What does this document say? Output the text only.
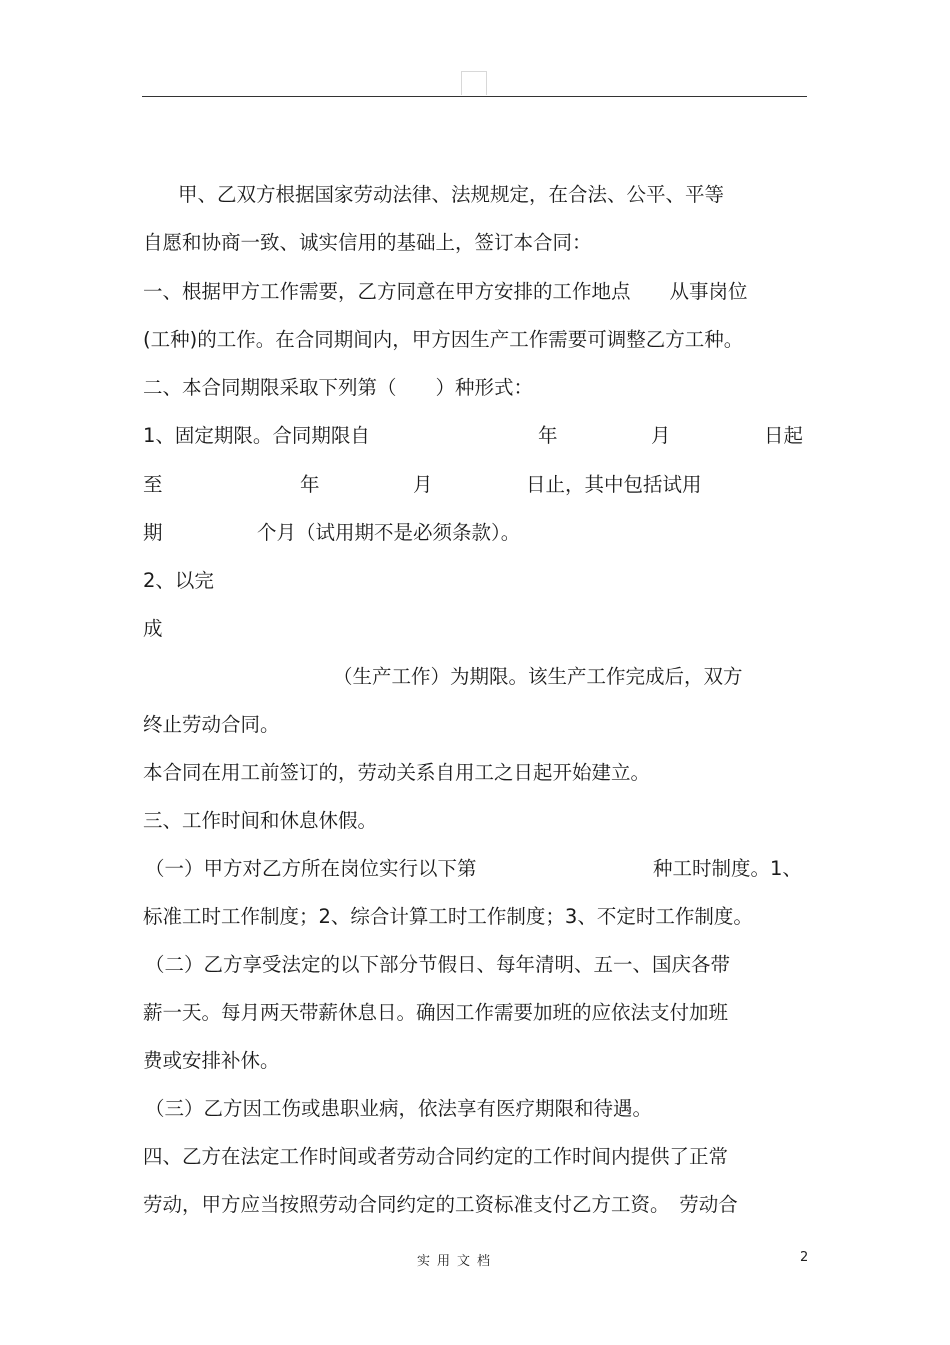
甲、乙双方根据国家劳动法律、法规规定，在合法、公平、平等
自愿和协商一致、诚实信用的基础上，签订本合同：
一、根据甲方工作需要，乙方同意在甲方安排的工作地点　　从事岗位
(工种)的工作。在合同期间内，甲方因生产工作需要可调整乙方工种。
二、本合同期限采取下列第（　　）种形式：
1、固定期限。合同期限自	年	月	日起
至	年	月	日止，其中包括试用
期	个月（试用期不是必须条款）。
2、以完
成
（生产工作）为期限。该生产工作完成后，双方
终止劳动合同。
本合同在用工前签订的，劳动关系自用工之日起开始建立。
三、工作时间和休息休假。
（一）甲方对乙方所在岗位实行以下第	种工时制度。1、
标准工时工作制度；2、综合计算工时工作制度；3、不定时工作制度。
（二）乙方享受法定的以下部分节假日、每年清明、五一、国庆各带
薪一天。每月两天带薪休息日。确因工作需要加班的应依法支付加班
费或安排补休。
（三）乙方因工伤或患职业病，依法享有医疗期限和待遇。
四、乙方在法定工作时间或者劳动合同约定的工作时间内提供了正常
劳动，甲方应当按照劳动合同约定的工资标准支付乙方工资。　劳动合
实用文档	2
